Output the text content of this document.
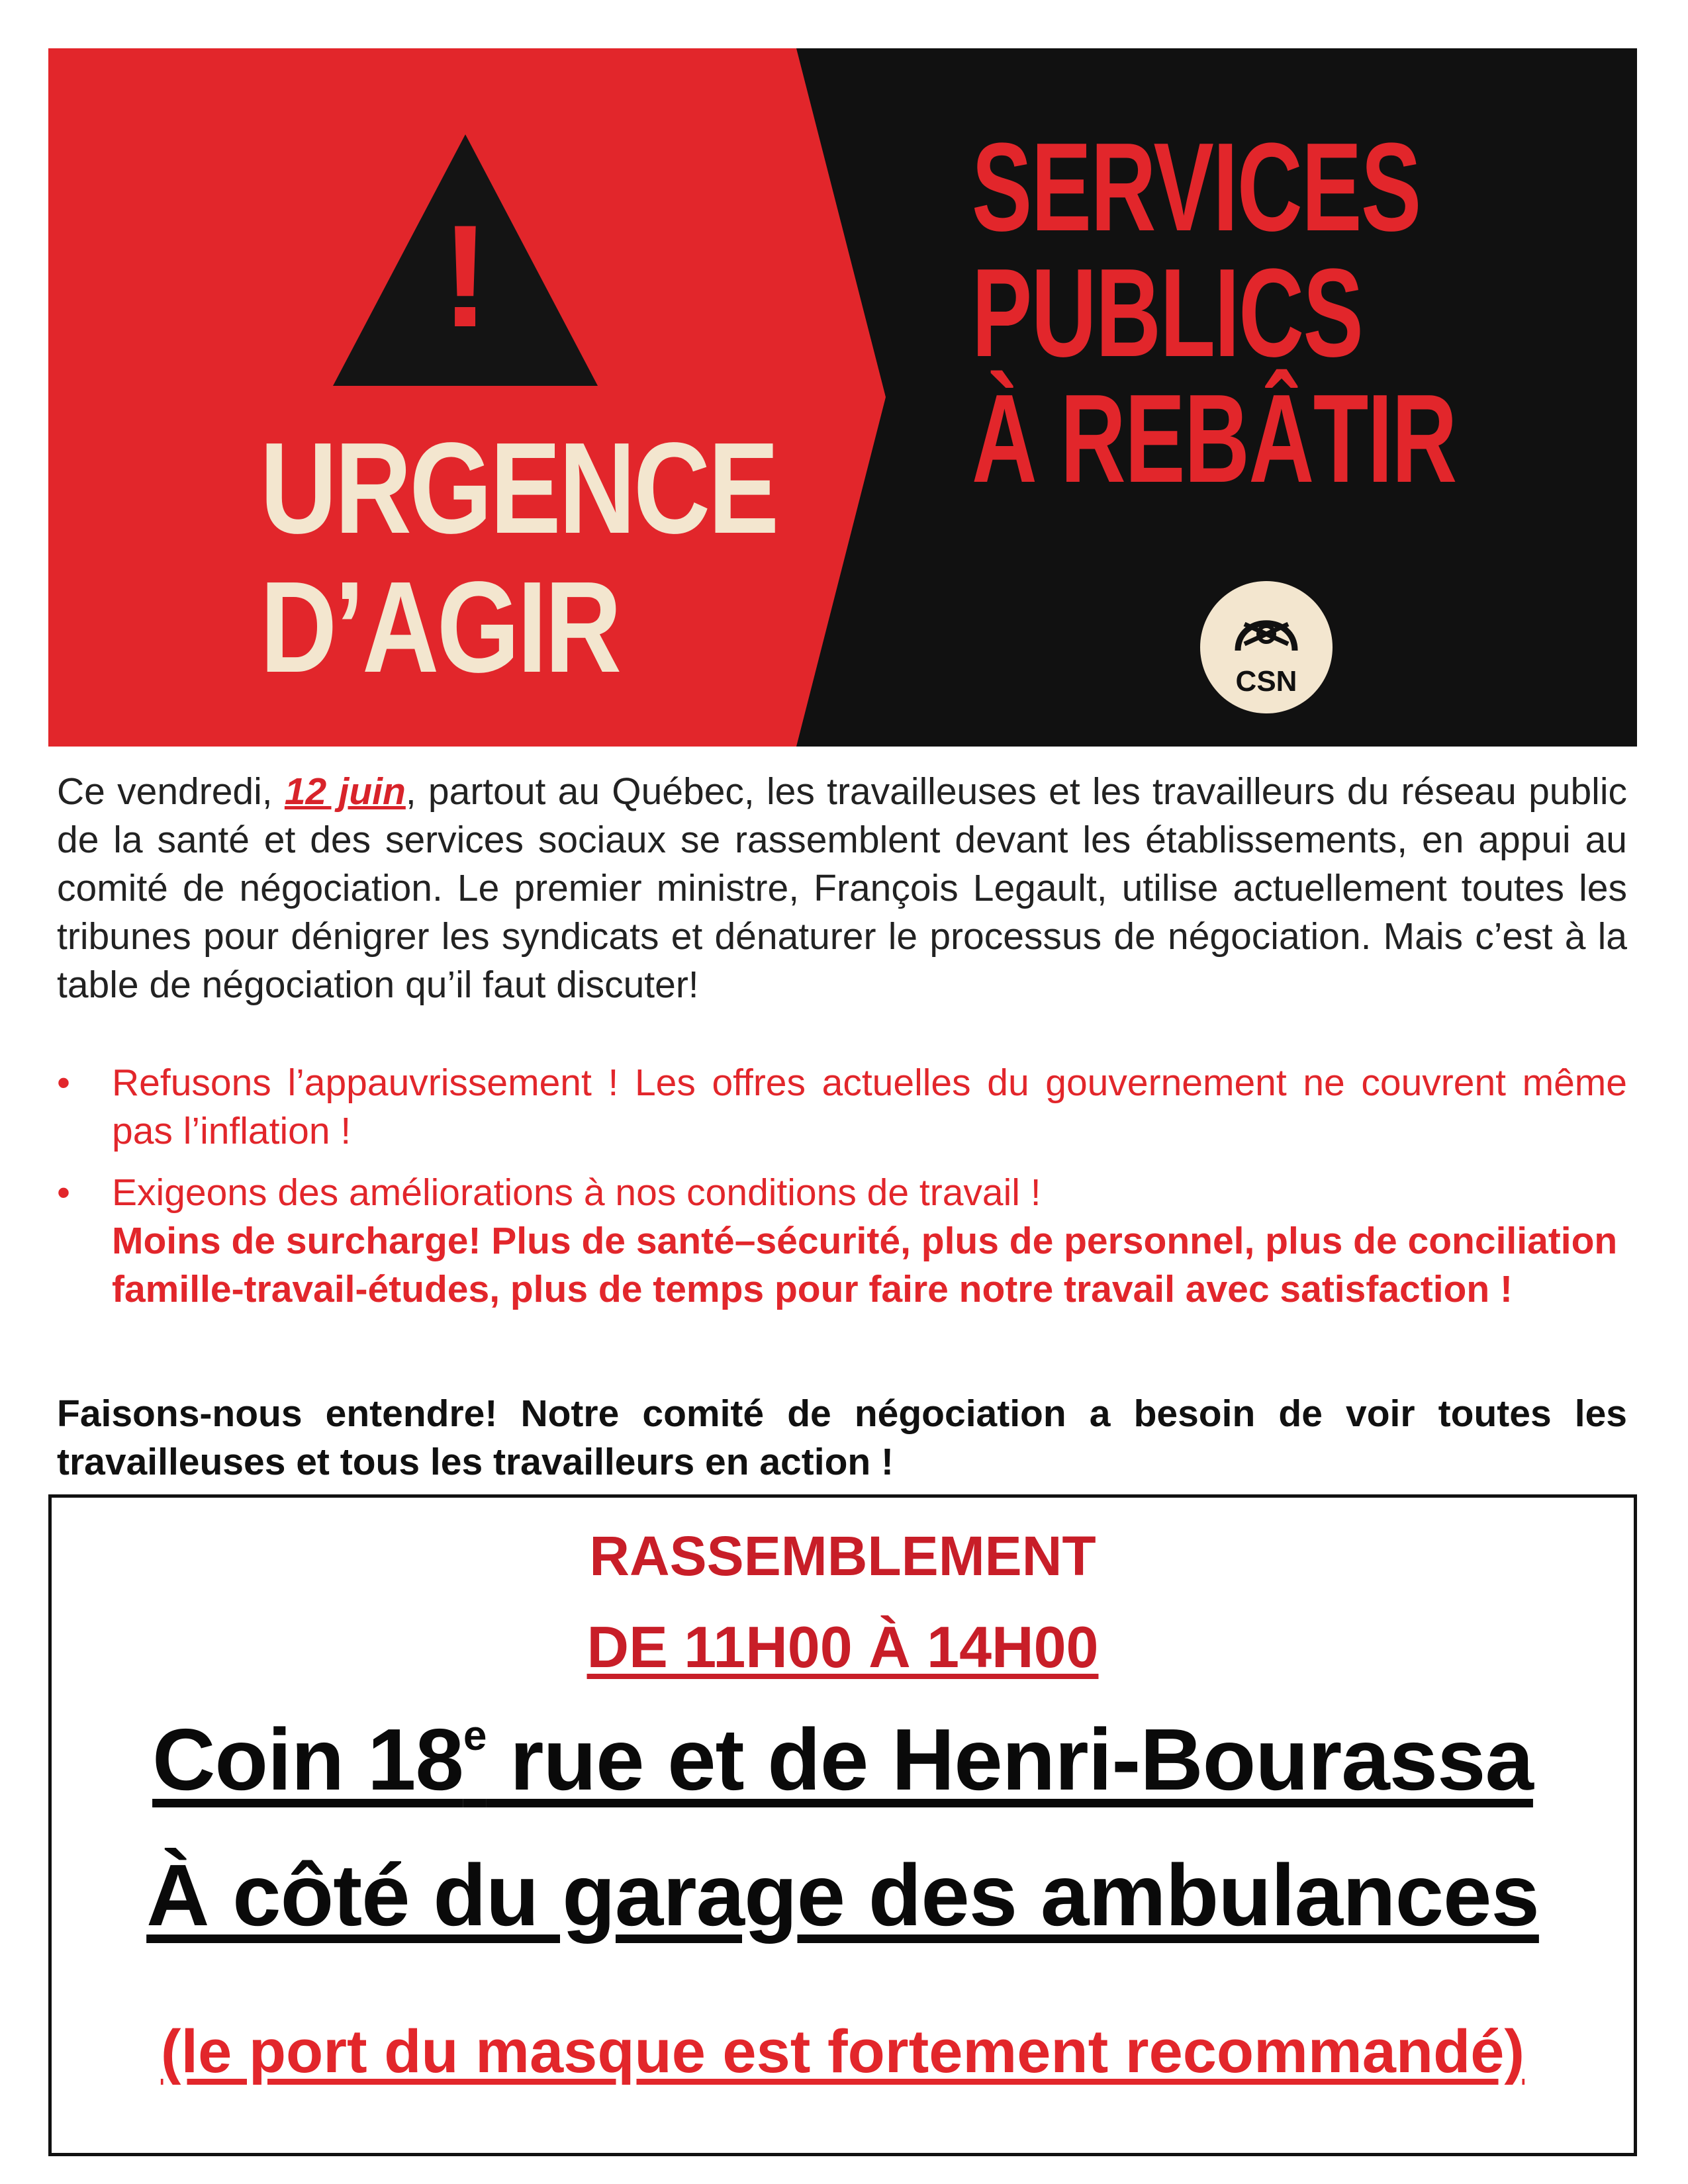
!
URGENCE
D’AGIR
SERVICES
PUBLICS
À REBÂTIR
CSN
Ce vendredi, 12 juin, partout au Québec, les travailleuses et les travailleurs du réseau public de la santé et des services sociaux se rassemblent devant les établissements, en appui au comité de négociation. Le premier ministre, François Legault, utilise actuellement toutes les tribunes pour dénigrer les syndicats et dénaturer le processus de négociation. Mais c’est à la table de négociation qu’il faut discuter!
• Refusons l’appauvrissement ! Les offres actuelles du gouvernement ne couvrent même pas l’inflation !
• Exigeons des améliorations à nos conditions de travail !
Moins de surcharge! Plus de santé–sécurité, plus de personnel, plus de conciliation famille-travail-études, plus de temps pour faire notre travail avec satisfaction !
Faisons-nous entendre! Notre comité de négociation a besoin de voir toutes les travailleuses et tous les travailleurs en action !
RASSEMBLEMENT
DE 11H00 À 14H00
Coin 18e rue et de Henri-Bourassa
À côté du garage des ambulances
(le port du masque est fortement recommandé)
